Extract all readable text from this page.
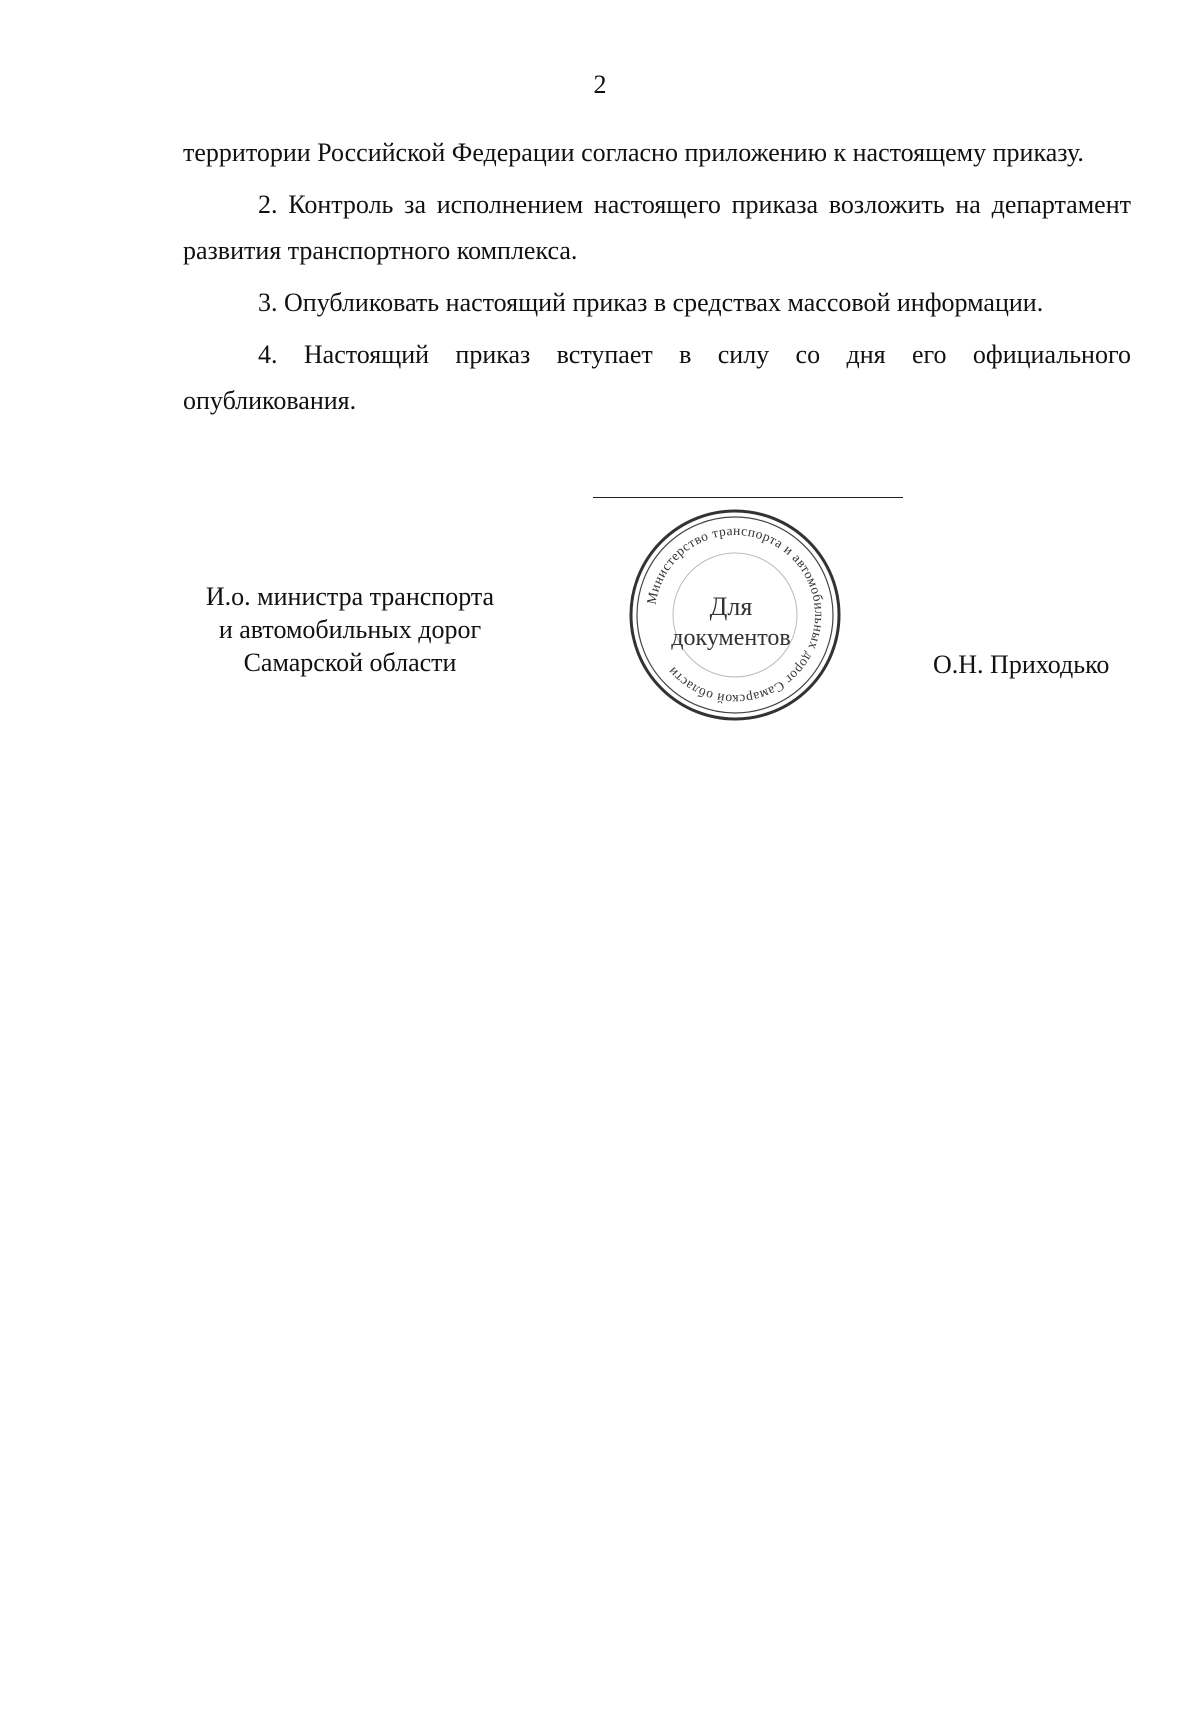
2

территории Российской Федерации согласно приложению к настоящему приказу.

2. Контроль за исполнением настоящего приказа возложить на департамент развития транспортного комплекса.

3. Опубликовать настоящий приказ в средствах массовой информации.

4. Настоящий приказ вступает в силу со дня его официального опубликования.

И.о. министра транспорта
и автомобильных дорог
Самарской области
Министерство транспорта и автомобильных дорог Самарской области
Для
документов
О.Н. Приходько
